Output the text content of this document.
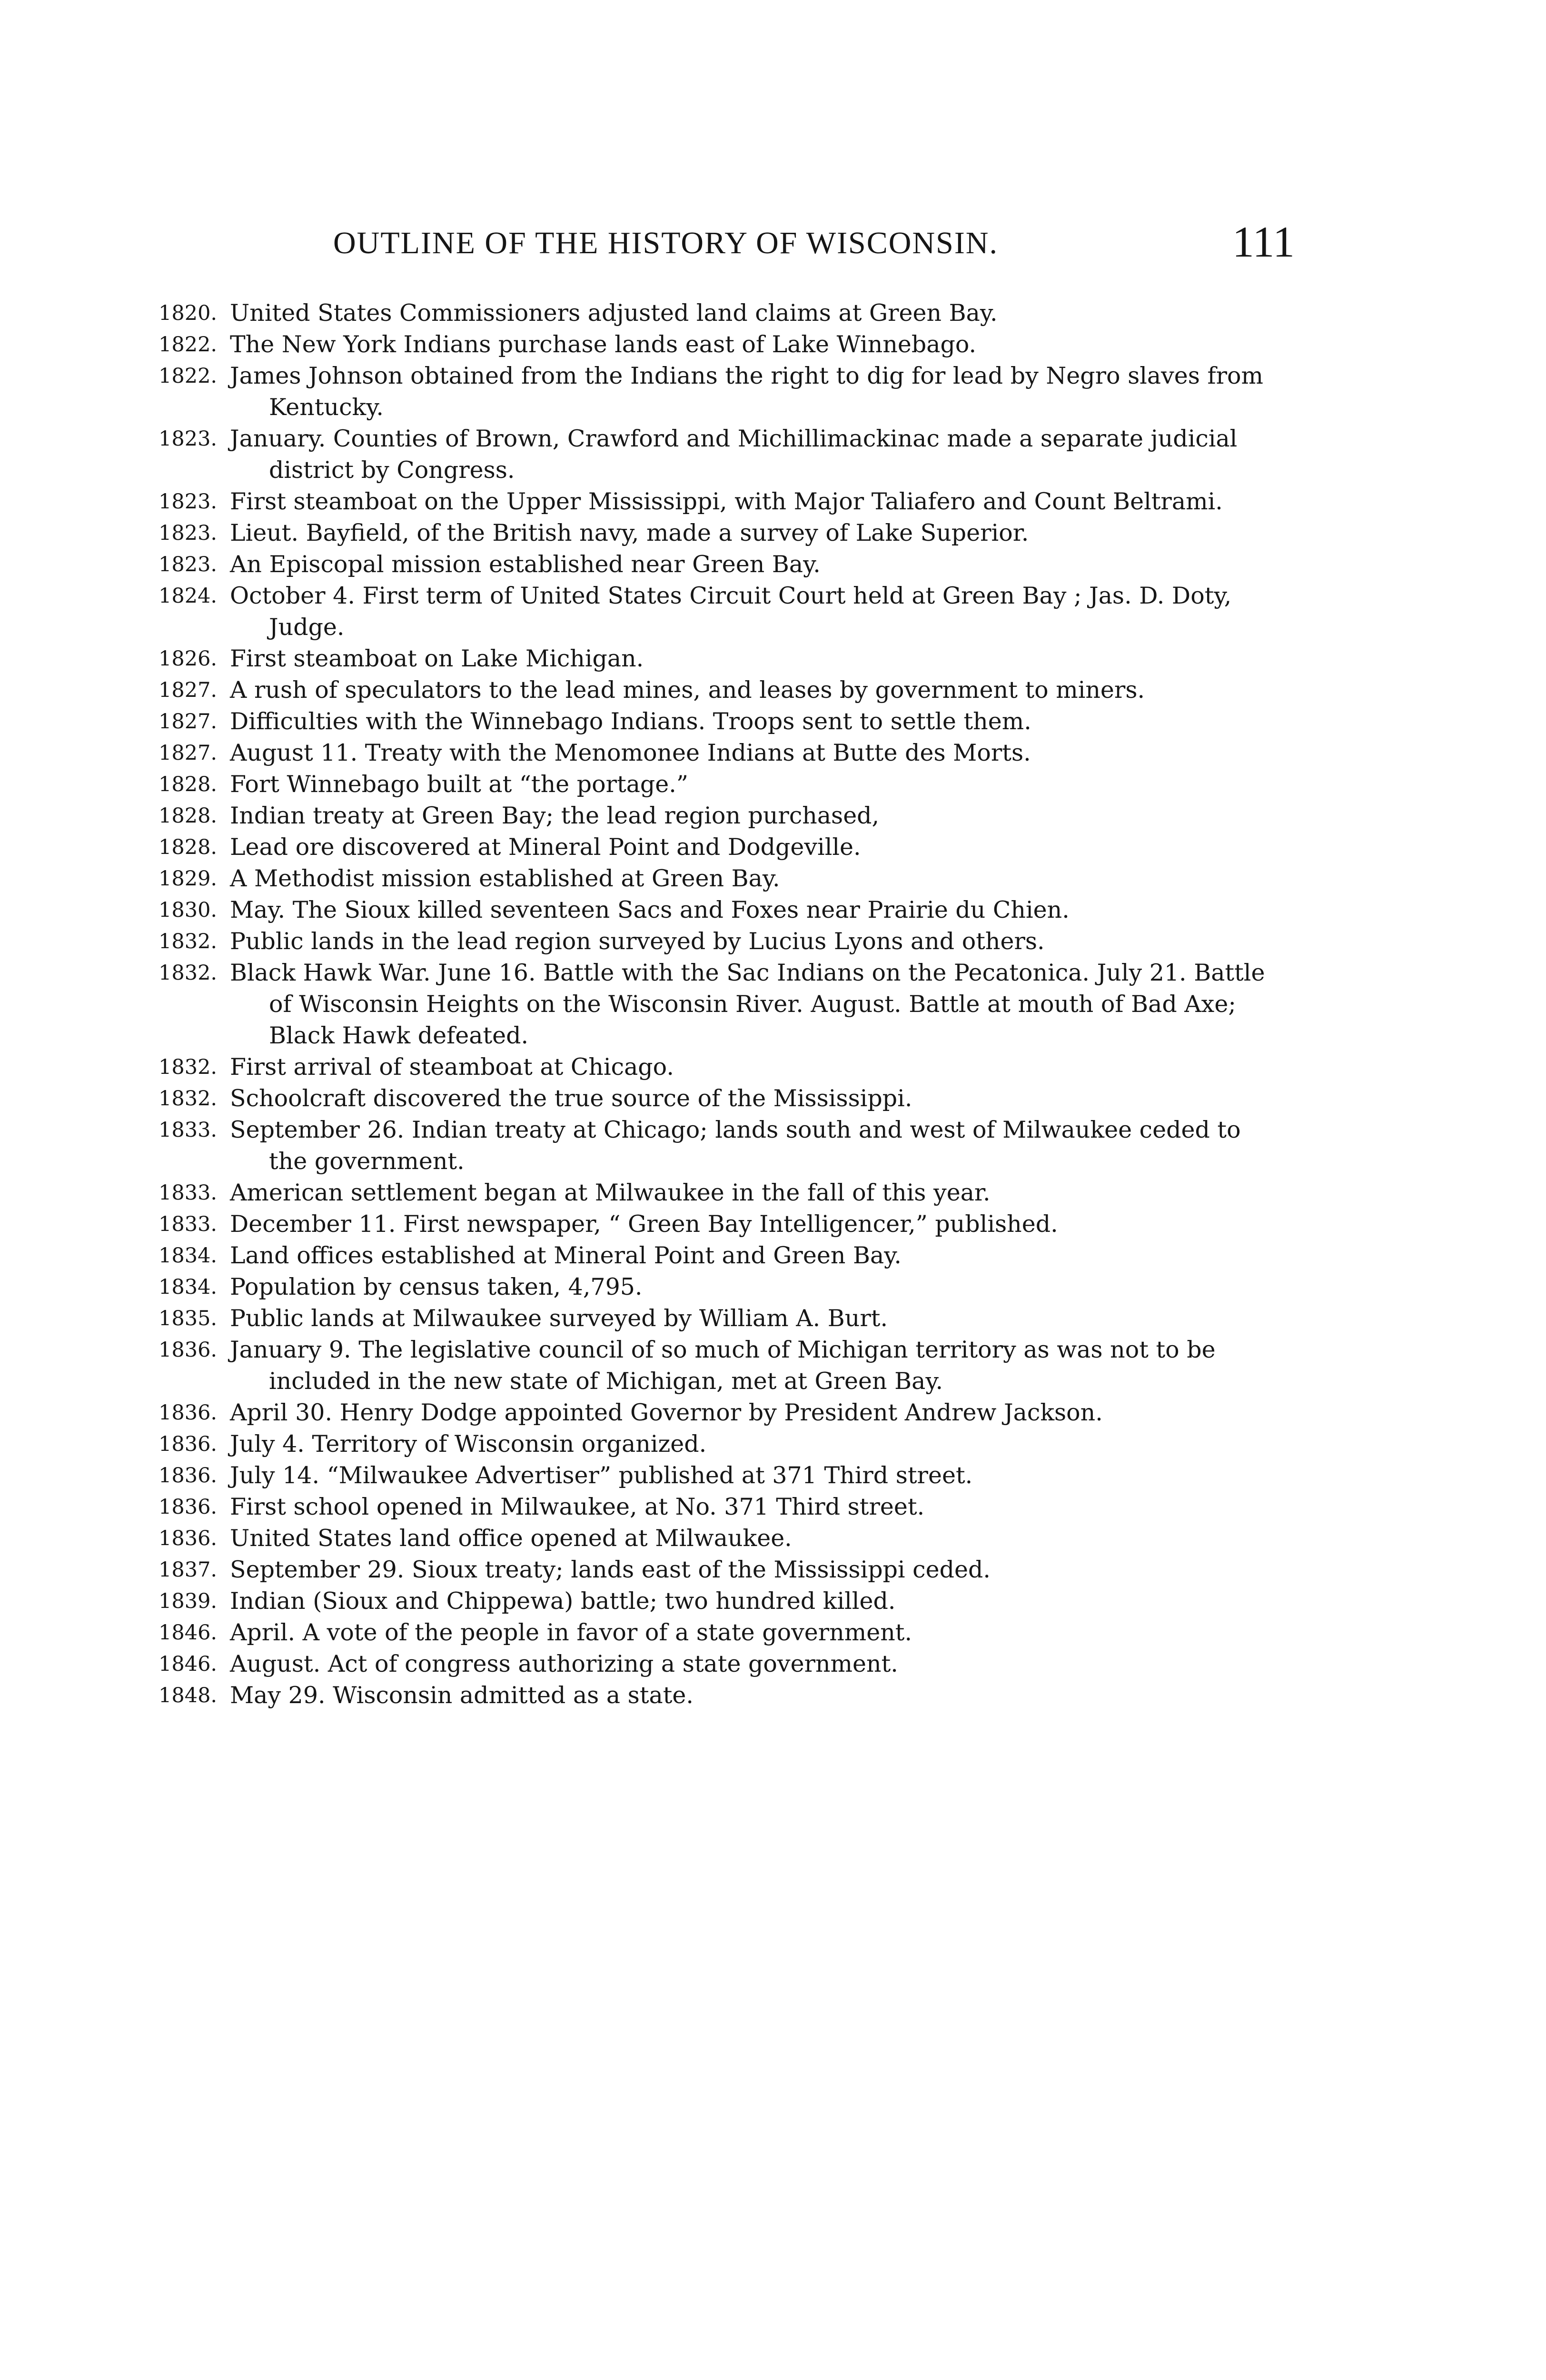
OUTLINE OF THE HISTORY OF WISCONSIN.	111
1820. United States Commissioners adjusted land claims at Green Bay.
1822. The New York Indians purchase lands east of Lake Winnebago.
1822. James Johnson obtained from the Indians the right to dig for lead by Negro slaves from Kentucky.
1823. January. Counties of Brown, Crawford and Michillimackinac made a separate judicial district by Congress.
1823. First steamboat on the Upper Mississippi, with Major Taliafero and Count Beltrami.
1823. Lieut. Bayfield, of the British navy, made a survey of Lake Superior.
1823. An Episcopal mission established near Green Bay.
1824. October 4. First term of United States Circuit Court held at Green Bay ; Jas. D. Doty, Judge.
1826. First steamboat on Lake Michigan.
1827. A rush of speculators to the lead mines, and leases by government to miners.
1827. Difficulties with the Winnebago Indians. Troops sent to settle them.
1827. August 11. Treaty with the Menomonee Indians at Butte des Morts.
1828. Fort Winnebago built at “the portage.”
1828. Indian treaty at Green Bay; the lead region purchased,
1828. Lead ore discovered at Mineral Point and Dodgeville.
1829. A Methodist mission established at Green Bay.
1830. May. The Sioux killed seventeen Sacs and Foxes near Prairie du Chien.
1832. Public lands in the lead region surveyed by Lucius Lyons and others.
1832. Black Hawk War. June 16. Battle with the Sac Indians on the Pecatonica. July 21. Battle of Wisconsin Heights on the Wisconsin River. August. Battle at mouth of Bad Axe; Black Hawk defeated.
1832. First arrival of steamboat at Chicago.
1832. Schoolcraft discovered the true source of the Mississippi.
1833. September 26. Indian treaty at Chicago; lands south and west of Milwaukee ceded to the government.
1833. American settlement began at Milwaukee in the fall of this year.
1833. December 11. First newspaper, “ Green Bay Intelligencer,” published.
1834. Land offices established at Mineral Point and Green Bay.
1834. Population by census taken, 4,795.
1835. Public lands at Milwaukee surveyed by William A. Burt.
1836. January 9. The legislative council of so much of Michigan territory as was not to be included in the new state of Michigan, met at Green Bay.
1836. April 30. Henry Dodge appointed Governor by President Andrew Jackson.
1836. July 4. Territory of Wisconsin organized.
1836. July 14. “Milwaukee Advertiser” published at 371 Third street.
1836. First school opened in Milwaukee, at No. 371 Third street.
1836. United States land office opened at Milwaukee.
1837. September 29. Sioux treaty; lands east of the Mississippi ceded.
1839. Indian (Sioux and Chippewa) battle; two hundred killed.
1846. April. A vote of the people in favor of a state government.
1846. August. Act of congress authorizing a state government.
1848. May 29. Wisconsin admitted as a state.
